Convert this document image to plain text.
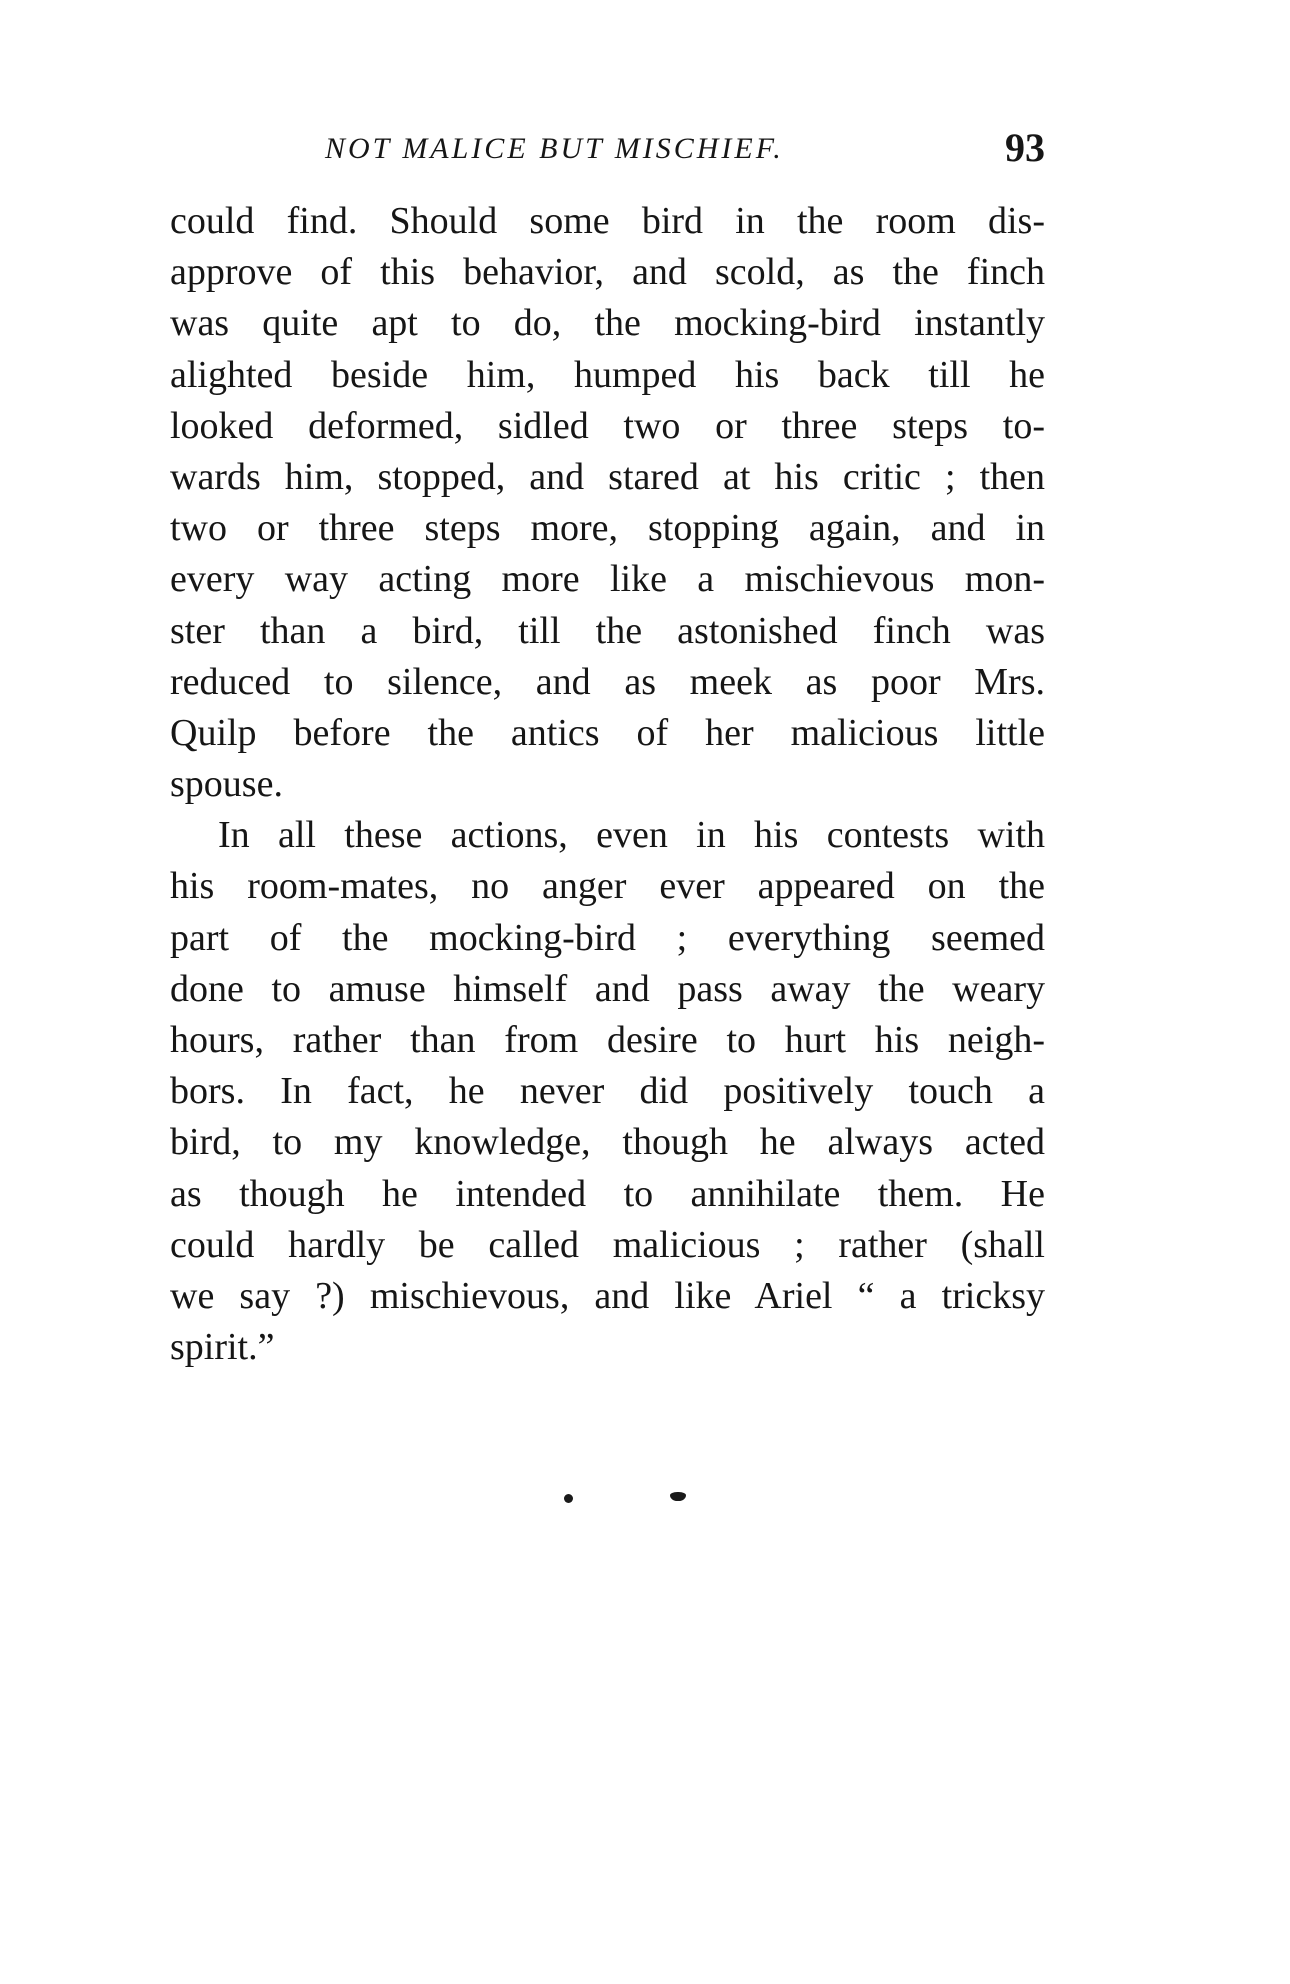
NOT MALICE BUT MISCHIEF.	93
could find. Should some bird in the room dis-
approve of this behavior, and scold, as the finch
was quite apt to do, the mocking-bird instantly
alighted beside him, humped his back till he
looked deformed, sidled two or three steps to-
wards him, stopped, and stared at his critic ; then
two or three steps more, stopping again, and in
every way acting more like a mischievous mon-
ster than a bird, till the astonished finch was
reduced to silence, and as meek as poor Mrs.
Quilp before the antics of her malicious little
spouse.
In all these actions, even in his contests with
his room-mates, no anger ever appeared on the
part of the mocking-bird ; everything seemed
done to amuse himself and pass away the weary
hours, rather than from desire to hurt his neigh-
bors. In fact, he never did positively touch a
bird, to my knowledge, though he always acted
as though he intended to annihilate them. He
could hardly be called malicious ; rather (shall
we say ?) mischievous, and like Ariel “ a tricksy
spirit.”
